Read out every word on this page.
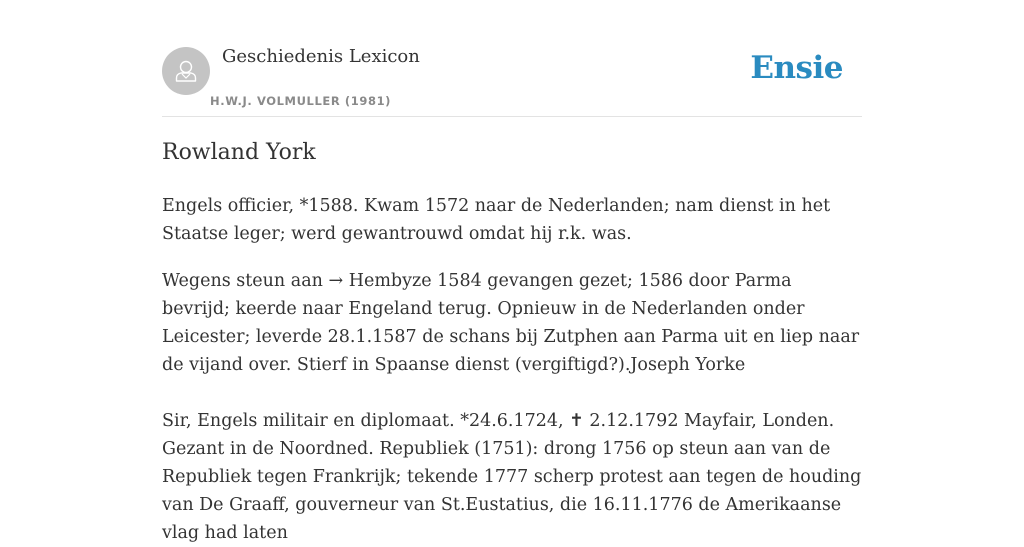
Geschiedenis Lexicon
H.W.J. VOLMULLER (1981)
Ensie
Rowland York

Engels officier, *1588. Kwam 1572 naar de Nederlanden; nam dienst in het Staatse leger; werd gewantrouwd omdat hij r.k. was.

Wegens steun aan → Hembyze 1584 gevangen gezet; 1586 door Parma bevrijd; keerde naar Engeland terug. Opnieuw in de Nederlanden onder Leicester; leverde 28.1.1587 de schans bij Zutphen aan Parma uit en liep naar de vijand over. Stierf in Spaanse dienst (vergiftigd?).Joseph Yorke

Sir, Engels militair en diplomaat. *24.6.1724, ✝ 2.12.1792 Mayfair, Londen. Gezant in de Noordned. Republiek (1751): drong 1756 op steun aan van de Republiek tegen Frankrijk; tekende 1777 scherp protest aan tegen de houding van De Graaff, gouverneur van St.Eustatius, die 16.11.1776 de Amerikaanse vlag had laten
